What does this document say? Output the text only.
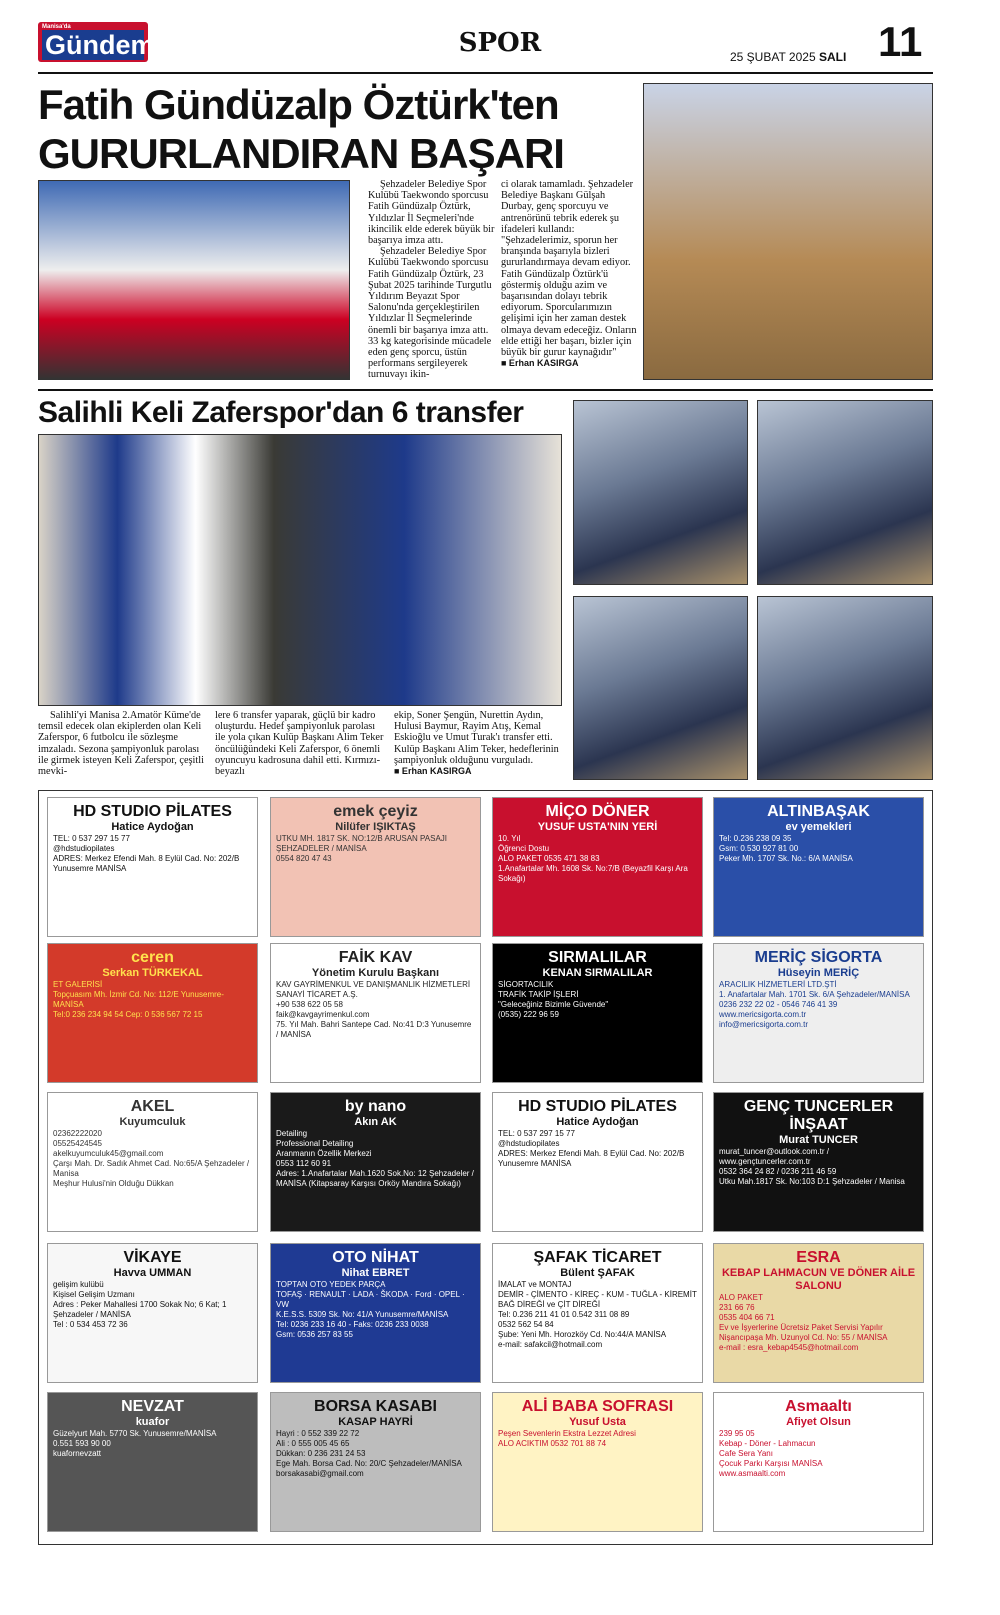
Manisa'da
Gündem	SPOR	25 ŞUBAT 2025 SALI 11
Fatih Gündüzalp Öztürk'ten
GURURLANDIRAN BAŞARI

Şehzadeler Belediye Spor Kulübü Taekwondo sporcusu Fatih Gündüzalp Öztürk, Yıldızlar İl Seçmeleri'nde ikincilik elde ederek büyük bir başarıya imza attı.

Şehzadeler Belediye Spor Kulübü Taekwondo sporcusu Fatih Gündüzalp Öztürk, 23 Şubat 2025 tarihinde Turgutlu Yıldırım Beyazıt Spor Salonu'nda gerçekleştirilen Yıldızlar İl Seçmelerinde önemli bir başarıya imza attı. 33 kg kategorisinde mücadele eden genç sporcu, üstün performans sergileyerek turnuvayı ikin-

ci olarak tamamladı. Şehzadeler Belediye Başkanı Gülşah Durbay, genç sporcuyu ve antrenörünü tebrik ederek şu ifadeleri kullandı: "Şehzadelerimiz, sporun her branşında başarıyla bizleri gururlandırmaya devam ediyor. Fatih Gündüzalp Öztürk'ü göstermiş olduğu azim ve başarısından dolayı tebrik ediyorum. Sporcularımızın gelişimi için her zaman destek olmaya devam edeceğiz. Onların elde ettiği her başarı, bizler için büyük bir gurur kaynağıdır" ■ Erhan KASIRGA
Salihli Keli Zaferspor'dan 6 transfer

Salihli'yi Manisa 2.Amatör Küme'de temsil edecek olan ekiplerden olan Keli Zaferspor, 6 futbolcu ile sözleşme imzaladı. Sezona şampiyonluk parolası ile girmek isteyen Keli Zaferspor, çeşitli mevki-

lere 6 transfer yaparak, güçlü bir kadro oluşturdu. Hedef şampiyonluk parolası ile yola çıkan Kulüp Başkanı Alim Teker öncülüğündeki Keli Zaferspor, 6 önemli oyuncuyu kadrosuna dahil etti. Kırmızı-beyazlı
ekip, Soner Şengün, Nurettin Aydın, Hulusi Baymur, Rayim Atış, Kemal Eskioğlu ve Umut Turak'ı transfer etti. Kulüp Başkanı Alim Teker, hedeflerinin şampiyonluk olduğunu vurguladı. ■ Erhan KASIRGA
HD STUDIO PİLATES
Hatice Aydoğan
TEL: 0 537 297 15 77
@hdstudiopilates
ADRES: Merkez Efendi Mah. 8 Eylül Cad. No: 202/B Yunusemre MANİSA
emek çeyiz
Nilüfer IŞIKTAŞ
UTKU MH. 1817 SK. NO:12/B ARUSAN PASAJI ŞEHZADELER / MANİSA
0554 820 47 43
MİÇO DÖNER
YUSUF USTA'NIN YERİ
10. Yıl
Öğrenci Dostu
ALO PAKET 0535 471 38 83
1.Anafartalar Mh. 1608 Sk. No:7/B (Beyazfil Karşı Ara Sokağı)
ALTINBAŞAK
ev yemekleri
Tel: 0.236 238 09 35
Gsm: 0.530 927 81 00
Peker Mh. 1707 Sk. No.: 6/A MANİSA
ceren
Serkan TÜRKEKAL
ET GALERİSİ
Topçuasım Mh. İzmir Cd. No: 112/E Yunusemre-MANİSA
Tel:0 236 234 94 54 Cep: 0 536 567 72 15
FAİK KAV
Yönetim Kurulu Başkanı
KAV GAYRİMENKUL VE DANIŞMANLIK HİZMETLERİ SANAYİ TİCARET A.Ş.
+90 538 622 05 58
faik@kavgayrimenkul.com
75. Yıl Mah. Bahri Santepe Cad. No:41 D:3 Yunusemre / MANİSA
SIRMALILAR
KENAN SIRMALILAR
SİGORTACILIK
TRAFİK TAKİP İŞLERİ
"Geleceğiniz Bizimle Güvende"
(0535) 222 96 59
MERİÇ SİGORTA
Hüseyin MERİÇ
ARACILIK HİZMETLERİ LTD.ŞTİ
1. Anafartalar Mah. 1701 Sk. 6/A Şehzadeler/MANİSA
0236 232 22 02 - 0546 746 41 39
www.mericsigorta.com.tr
info@mericsigorta.com.tr
AKEL
Kuyumculuk
02362222020
05525424545
akelkuyumculuk45@gmail.com
Çarşı Mah. Dr. Sadık Ahmet Cad. No:65/A Şehzadeler / Manisa
Meşhur Hulusi'nin Olduğu Dükkan
by nano
Akın AK
Detailing
Professional Detailing
Aranmanın Özellik Merkezi
0553 112 60 91
Adres: 1.Anafartalar Mah.1620 Sok.No: 12 Şehzadeler / MANİSA (Kitapsaray Karşısı Orköy Mandıra Sokağı)
HD STUDIO PİLATES
Hatice Aydoğan
TEL: 0 537 297 15 77
@hdstudiopilates
ADRES: Merkez Efendi Mah. 8 Eylül Cad. No: 202/B Yunusemre MANİSA
GENÇ TUNCERLER İNŞAAT
Murat TUNCER
murat_tuncer@outlook.com.tr / www.gençtuncerler.com.tr
0532 364 24 82 / 0236 211 46 59
Utku Mah.1817 Sk. No:103 D:1 Şehzadeler / Manisa
VİKAYE
Havva UMMAN
gelişim kulübü
Kişisel Gelişim Uzmanı
Adres : Peker Mahallesi 1700 Sokak No; 6 Kat; 1 Şehzadeler / MANİSA
Tel : 0 534 453 72 36
OTO NİHAT
Nihat EBRET
TOPTAN OTO YEDEK PARÇA
TOFAŞ · RENAULT · LADA · ŠKODA · Ford · OPEL · VW
K.E.S.S. 5309 Sk. No: 41/A Yunusemre/MANİSA
Tel: 0236 233 16 40 - Faks: 0236 233 0038
Gsm: 0536 257 83 55
ŞAFAK TİCARET
Bülent ŞAFAK
İMALAT ve MONTAJ
DEMİR - ÇİMENTO - KİREÇ - KUM - TUĞLA - KİREMİT
BAĞ DİREĞİ ve ÇİT DİREĞİ
Tel: 0.236 211 41 01 0.542 311 08 89
0532 562 54 84
Şube: Yeni Mh. Horozköy Cd. No:44/A MANİSA
e-mail: safakcil@hotmail.com
ESRA
KEBAP LAHMACUN VE DÖNER AİLE SALONU
ALO PAKET
231 66 76
0535 404 66 71
Ev ve İşyerlerine Ücretsiz Paket Servisi Yapılır
Nişancıpaşa Mh. Uzunyol Cd. No: 55 / MANİSA
e-mail : esra_kebap4545@hotmail.com
NEVZAT
kuafor
Güzelyurt Mah. 5770 Sk. Yunusemre/MANİSA
0.551 593 90 00
kuafornevzatt
BORSA KASABI
KASAP HAYRİ
Hayri : 0 552 339 22 72
Ali : 0 555 005 45 65
Dükkan: 0 236 231 24 53
Ege Mah. Borsa Cad. No: 20/C Şehzadeler/MANİSA
borsakasabi@gmail.com
ALİ BABA SOFRASI
Yusuf Usta
Peşen Sevenlerin Ekstra Lezzet Adresi
ALO ACIKTIM 0532 701 88 74
Asmaaltı
Afiyet Olsun
239 95 05
Kebap - Döner - Lahmacun
Cafe Sera Yanı
Çocuk Parkı Karşısı MANİSA
www.asmaalti.com
